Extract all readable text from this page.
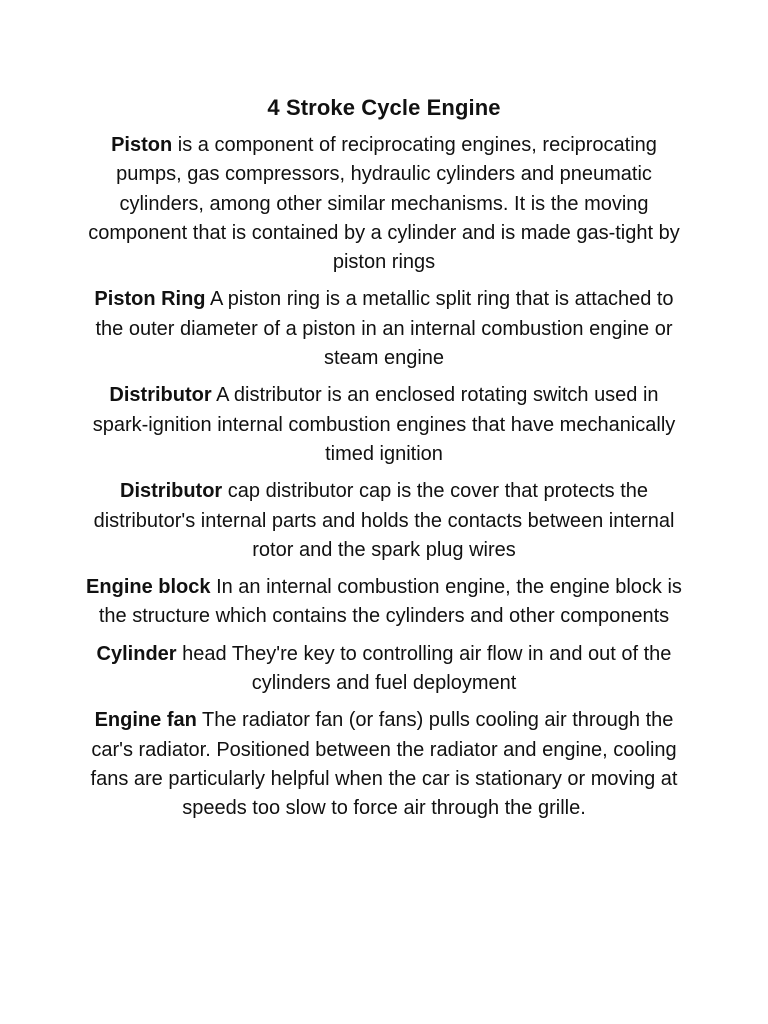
4 Stroke Cycle Engine

Piston is a component of reciprocating engines, reciprocating pumps, gas compressors, hydraulic cylinders and pneumatic cylinders, among other similar mechanisms. It is the moving component that is contained by a cylinder and is made gas-tight by piston rings

Piston Ring A piston ring is a metallic split ring that is attached to the outer diameter of a piston in an internal combustion engine or steam engine

Distributor A distributor is an enclosed rotating switch used in spark-ignition internal combustion engines that have mechanically timed ignition

Distributor cap distributor cap is the cover that protects the distributor's internal parts and holds the contacts between internal rotor and the spark plug wires

Engine block In an internal combustion engine, the engine block is the structure which contains the cylinders and other components

Cylinder head They're key to controlling air flow in and out of the cylinders and fuel deployment

Engine fan The radiator fan (or fans) pulls cooling air through the car's radiator. Positioned between the radiator and engine, cooling fans are particularly helpful when the car is stationary or moving at speeds too slow to force air through the grille.
